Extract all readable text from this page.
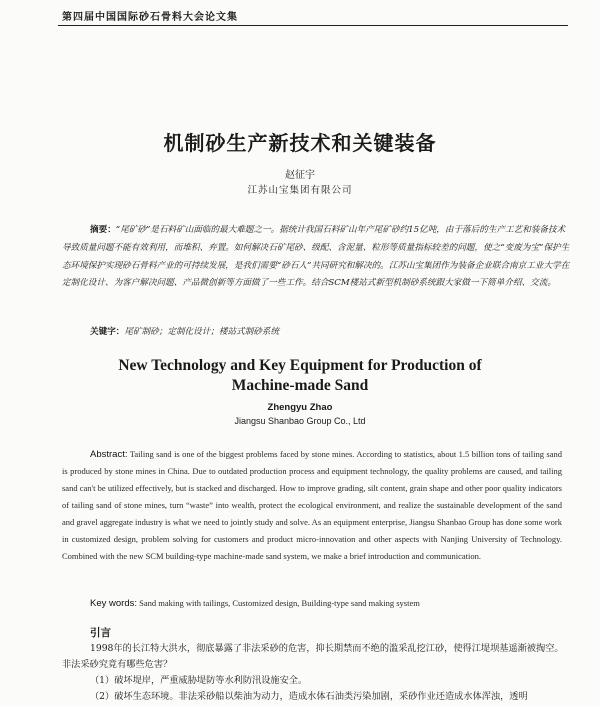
第四届中国国际砂石骨料大会论文集
机制砂生产新技术和关键装备
赵征宇
江苏山宝集团有限公司
摘要：“尾矿砂”是石料矿山面临的最大难题之一。据统计我国石料矿山年产尾矿砂约15亿吨，由于落后的生产工艺和装备技术导致质量问题不能有效利用，而堆积、弃置。如何解决石矿尾砂、级配、含泥量、粒形等质量指标较差的问题，使之“变废为宝”保护生态环境保护实现砂石骨料产业的可持续发展，是我们需要“砂石人”共同研究和解决的。江苏山宝集团作为装备企业联合南京工业大学在定制化设计、为客户解决问题、产品微创新等方面做了一些工作。结合SCM楼站式新型机制砂系统跟大家做一下简单介绍、交流。
关键字：尾矿制砂；定制化设计；楼站式制砂系统
New Technology and Key Equipment for Production of
Machine-made Sand
Zhengyu Zhao
Jiangsu Shanbao Group Co., Ltd
Abstract: Tailing sand is one of the biggest problems faced by stone mines. According to statistics, about 1.5 billion tons of tailing sand is produced by stone mines in China. Due to outdated production process and equipment technology, the quality problems are caused, and tailing sand can't be utilized effectively, but is stacked and discharged. How to improve grading, silt content, grain shape and other poor quality indicators of tailing sand of stone mines, turn “waste” into wealth, protect the ecological environment, and realize the sustainable development of the sand and gravel aggregate industry is what we need to jointly study and solve. As an equipment enterprise, Jiangsu Shanbao Group has done some work in customized design, problem solving for customers and product micro-innovation and other aspects with Nanjing University of Technology. Combined with the new SCM building-type machine-made sand system, we make a brief introduction and communication.
Key words: Sand making with tailings, Customized design, Building-type sand making system
引言

1998年的长江特大洪水，彻底暴露了非法采砂的危害，抑长期禁而不绝的滥采乱挖江砂，使得江堤坝基遥渐被掏空。非法采砂究竟有哪些危害？

（1）破坏堤岸，严重威胁堤防等水利防汛设施安全。
（2）破坏生态环境。非法采砂船以柴油为动力，造成水体石油类污染加剧，采砂作业还造成水体浑浊，透明
